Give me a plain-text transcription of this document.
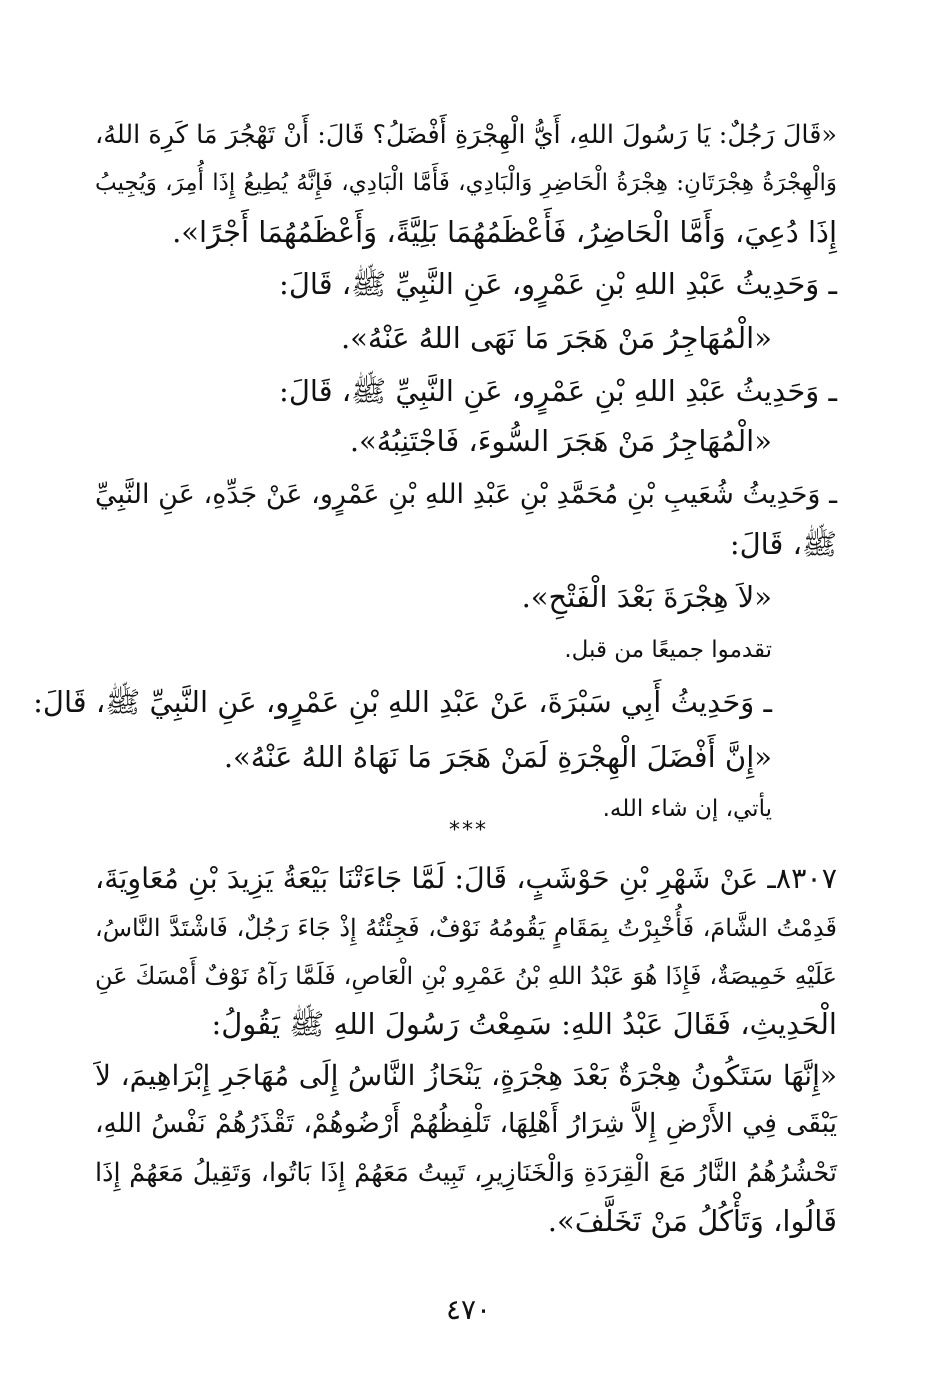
«قَالَ رَجُلٌ: يَا رَسُولَ اللهِ، أَيُّ الْهِجْرَةِ أَفْضَلُ؟ قَالَ: أَنْ تَهْجُرَ مَا كَرِهَ اللهُ،
وَالْهِجْرَةُ هِجْرَتَانِ: هِجْرَةُ الْحَاضِرِ وَالْبَادِي، فَأَمَّا الْبَادِي، فَإِنَّهُ يُطِيعُ إِذَا أُمِرَ، وَيُجِيبُ
إِذَا دُعِيَ، وَأَمَّا الْحَاضِرُ، فَأَعْظَمُهُمَا بَلِيَّةً، وَأَعْظَمُهُمَا أَجْرًا».
ـ وَحَدِيثُ عَبْدِ اللهِ بْنِ عَمْرٍو، عَنِ النَّبِيِّ ﷺ، قَالَ:
«الْمُهَاجِرُ مَنْ هَجَرَ مَا نَهَى اللهُ عَنْهُ».
ـ وَحَدِيثُ عَبْدِ اللهِ بْنِ عَمْرٍو، عَنِ النَّبِيِّ ﷺ، قَالَ:
«الْمُهَاجِرُ مَنْ هَجَرَ السُّوءَ، فَاجْتَنِبُهُ».
ـ وَحَدِيثُ شُعَيبِ بْنِ مُحَمَّدِ بْنِ عَبْدِ اللهِ بْنِ عَمْرٍو، عَنْ جَدِّهِ، عَنِ النَّبِيِّ
ﷺ، قَالَ:
«لاَ هِجْرَةَ بَعْدَ الْفَتْحِ».
تقدموا جميعًا من قبل.
ـ وَحَدِيثُ أَبِي سَبْرَةَ، عَنْ عَبْدِ اللهِ بْنِ عَمْرٍو، عَنِ النَّبِيِّ ﷺ، قَالَ:
«إِنَّ أَفْضَلَ الْهِجْرَةِ لَمَنْ هَجَرَ مَا نَهَاهُ اللهُ عَنْهُ».
يأتي، إن شاء الله.
***
٨٣٠٧ـ عَنْ شَهْرِ بْنِ حَوْشَبٍ، قَالَ: لَمَّا جَاءَتْنَا بَيْعَةُ يَزِيدَ بْنِ مُعَاوِيَةَ،
قَدِمْتُ الشَّامَ، فَأُخْبِرْتُ بِمَقَامٍ يَقُومُهُ نَوْفٌ، فَجِئْتُهُ إِذْ جَاءَ رَجُلٌ، فَاشْتَدَّ النَّاسُ،
عَلَيْهِ خَمِيصَةٌ، فَإِذَا هُوَ عَبْدُ اللهِ بْنُ عَمْرِو بْنِ الْعَاصِ، فَلَمَّا رَآهُ نَوْفٌ أَمْسَكَ عَنِ
الْحَدِيثِ، فَقَالَ عَبْدُ اللهِ: سَمِعْتُ رَسُولَ اللهِ ﷺ يَقُولُ:
«إِنَّهَا سَتَكُونُ هِجْرَةٌ بَعْدَ هِجْرَةٍ، يَنْحَازُ النَّاسُ إِلَى مُهَاجَرِ إِبْرَاهِيمَ، لاَ
يَبْقَى فِي الأَرْضِ إِلاَّ شِرَارُ أَهْلِهَا، تَلْفِظُهُمْ أَرْضُوهُمْ، تَقْذَرُهُمْ نَفْسُ اللهِ،
تَحْشُرُهُمُ النَّارُ مَعَ الْقِرَدَةِ وَالْخَنَازِيرِ، تَبِيتُ مَعَهُمْ إِذَا بَاتُوا، وَتَقِيلُ مَعَهُمْ إِذَا
قَالُوا، وَتَأْكُلُ مَنْ تَخَلَّفَ».
٤٧٠
